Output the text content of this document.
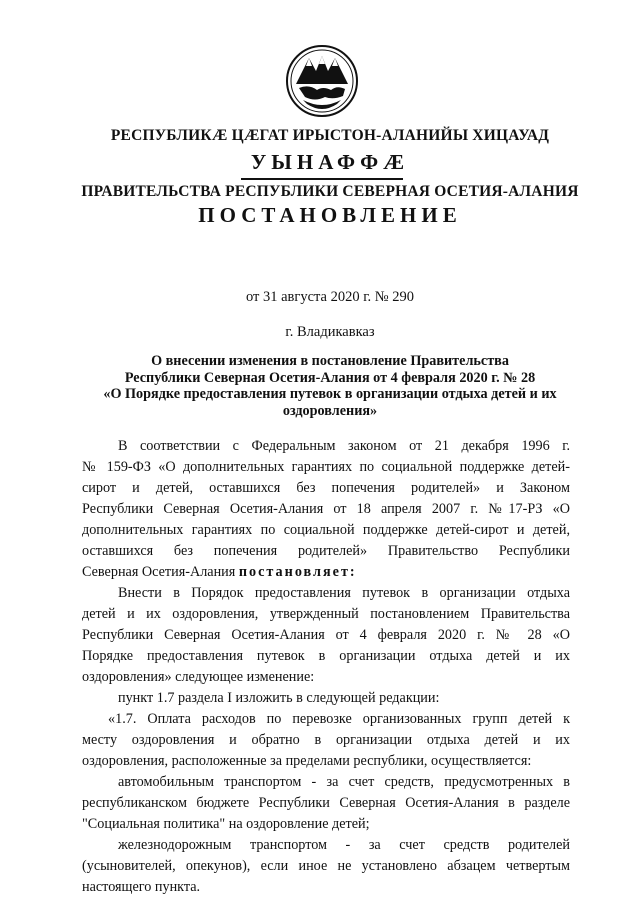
РЕСПУБЛИКÆ ЦÆГАТ ИРЫСТОН-АЛАНИЙЫ ХИЦАУАД
УЫНАФФÆ
ПРАВИТЕЛЬСТВА РЕСПУБЛИКИ СЕВЕРНАЯ ОСЕТИЯ-АЛАНИЯ
ПОСТАНОВЛЕНИЕ
от 31 августа 2020 г. № 290
г. Владикавказ
О внесении изменения в постановление Правительства
Республики Северная Осетия-Алания от 4 февраля 2020 г. № 28
«О Порядке предоставления путевок в организации отдыха детей и их
оздоровления»
В соответствии с Федеральным законом от 21 декабря 1996 г.
№ 159-ФЗ «О дополнительных гарантиях по социальной поддержке детей-
сирот и детей, оставшихся без попечения родителей» и Законом
Республики Северная Осетия-Алания от 18 апреля 2007 г. №17-РЗ «О
дополнительных гарантиях по социальной поддержке детей-сирот и детей,
оставшихся без попечения родителей» Правительство Республики
Северная Осетия-Алания постановляет:
Внести в Порядок предоставления путевок в организации отдыха
детей и их оздоровления, утвержденный постановлением Правительства
Республики Северная Осетия-Алания от 4 февраля 2020 г. № 28 «О
Порядке предоставления путевок в организации отдыха детей и их
оздоровления» следующее изменение:
пункт 1.7 раздела I изложить в следующей редакции:
«1.7. Оплата расходов по перевозке организованных групп детей к
месту оздоровления и обратно в организации отдыха детей и их
оздоровления, расположенные за пределами республики, осуществляется:
автомобильным транспортом - за счет средств, предусмотренных в
республиканском бюджете Республики Северная Осетия-Алания в разделе
"Социальная политика" на оздоровление детей;
железнодорожным транспортом - за счет средств родителей
(усыновителей, опекунов), если иное не установлено абзацем четвертым
настоящего пункта.
